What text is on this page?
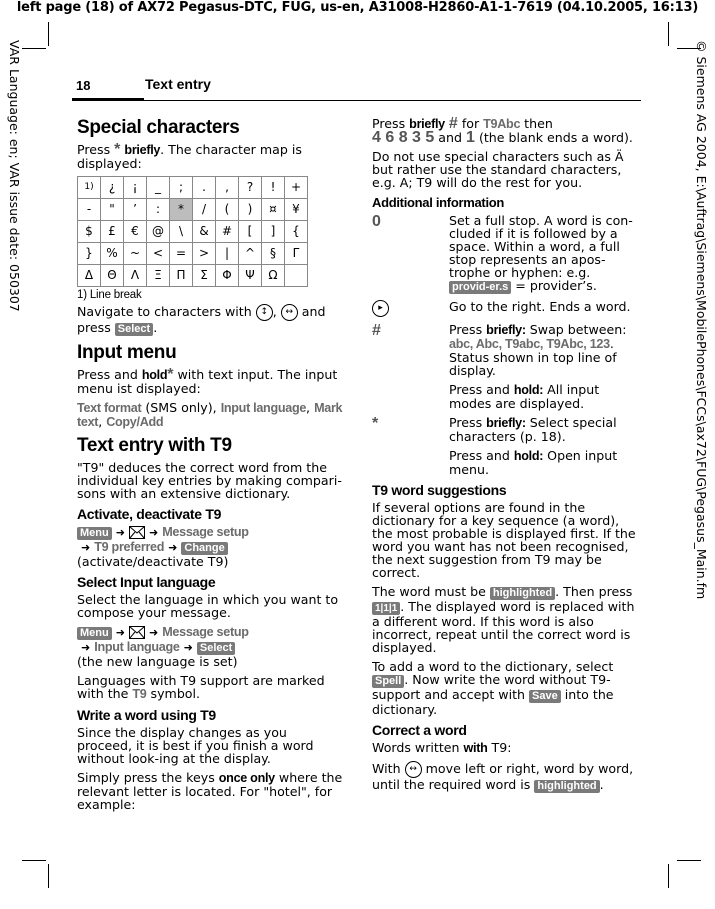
left page (18) of AX72 Pegasus-DTC, FUG, us-en, A31008-H2860-A1-1-7619 (04.10.2005, 16:13)
VAR Language: en; VAR issue date: 050307	© Siemens AG 2004, E:\Auftrag\Siemens\MobilePhones\FCCs\ax72\FUG\Pegasus_Main.fm
18	Text entry
Special characters

Press * briefly. The character map is displayed:

1)	¿	¡	_	;	.	,	?	!	+
-	"	’	:	*	/	(	)	¤	¥
$	£	€	@	\	&	#	[	]	{
}	%	~	<	=	>	|	^	§	Γ
Δ	Θ	Λ	Ξ	Π	Σ	Φ	Ψ	Ω	
1) Line break

Navigate to characters with ↕ , ↔ and press Select .

Input menu

Press and hold* with text input. The input menu ist displayed:

Text format (SMS only), Input language, Mark text, Copy/Add

Text entry with T9

"T9" deduces the correct word from the individual key entries by making compari-sons with an extensive dictionary.

Activate, deactivate T9

Menu ➜ ➜ Message setup
➜ T9 preferred ➜ Change
(activate/deactivate T9)

Select Input language

Select the language in which you want to compose your message.

Menu ➜ ➜ Message setup
➜ Input language ➜ Select
(the new language is set)

Languages with T9 support are marked with the T9 symbol.

Write a word using T9

Since the display changes as you proceed, it is best if you finish a word without look-ing at the display.

Simply press the keys once only where the relevant letter is located. For "hotel", for example:

Press briefly # for T9Abc then
4 6 8 3 5 and 1 (the blank ends a word).

Do not use special characters such as Ä but rather use the standard characters, e.g. A; T9 will do the rest for you.

Additional information
0	Set a full stop. A word is con-cluded if it is followed by a space. Within a word, a full stop represents an apos-trophe or hyphen: e.g. provid-er.s = provider’s.
▸	Go to the right. Ends a word.
#	Press briefly: Swap between: abc, Abc, T9abc, T9Abc, 123. Status shown in top line of display.
	Press and hold: All input modes are displayed.
*	Press briefly: Select special characters (p. 18).
	Press and hold: Open input menu.
T9 word suggestions

If several options are found in the dictionary for a key sequence (a word), the most probable is displayed first. If the word you want has not been recognised, the next suggestion from T9 may be correct.

The word must be highlighted . Then press 1|1|1 . The displayed word is replaced with a different word. If this word is also incorrect, repeat until the correct word is displayed.

To add a word to the dictionary, select Spell . Now write the word without T9-support and accept with Save into the dictionary.

Correct a word

Words written with T9:

With ↔ move left or right, word by word, until the required word is highlighted .
